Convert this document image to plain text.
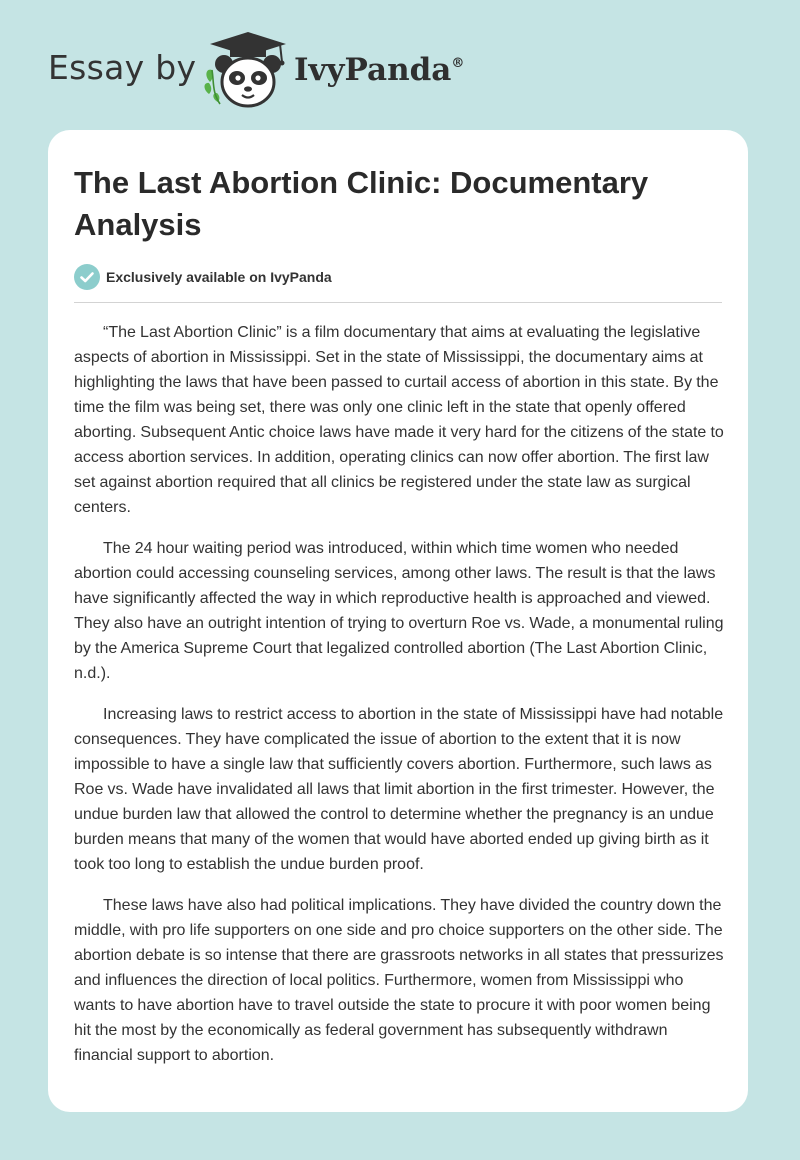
Essay by	IvyPanda®
The Last Abortion Clinic: Documentary Analysis
Exclusively available on IvyPanda

“The Last Abortion Clinic” is a film documentary that aims at evaluating the legislative aspects of abortion in Mississippi. Set in the state of Mississippi, the documentary aims at highlighting the laws that have been passed to curtail access of abortion in this state. By the time the film was being set, there was only one clinic left in the state that openly offered aborting. Subsequent Antic choice laws have made it very hard for the citizens of the state to access abortion services. In addition, operating clinics can now offer abortion. The first law set against abortion required that all clinics be registered under the state law as surgical centers.

The 24 hour waiting period was introduced, within which time women who needed abortion could accessing counseling services, among other laws. The result is that the laws have significantly affected the way in which reproductive health is approached and viewed. They also have an outright intention of trying to overturn Roe vs. Wade, a monumental ruling by the America Supreme Court that legalized controlled abortion (The Last Abortion Clinic, n.d.).

Increasing laws to restrict access to abortion in the state of Mississippi have had notable consequences. They have complicated the issue of abortion to the extent that it is now impossible to have a single law that sufficiently covers abortion. Furthermore, such laws as Roe vs. Wade have invalidated all laws that limit abortion in the first trimester. However, the undue burden law that allowed the control to determine whether the pregnancy is an undue burden means that many of the women that would have aborted ended up giving birth as it took too long to establish the undue burden proof.

These laws have also had political implications. They have divided the country down the middle, with pro life supporters on one side and pro choice supporters on the other side. The abortion debate is so intense that there are grassroots networks in all states that pressurizes and influences the direction of local politics. Furthermore, women from Mississippi who wants to have abortion have to travel outside the state to procure it with poor women being hit the most by the economically as federal government has subsequently withdrawn financial support to abortion.
